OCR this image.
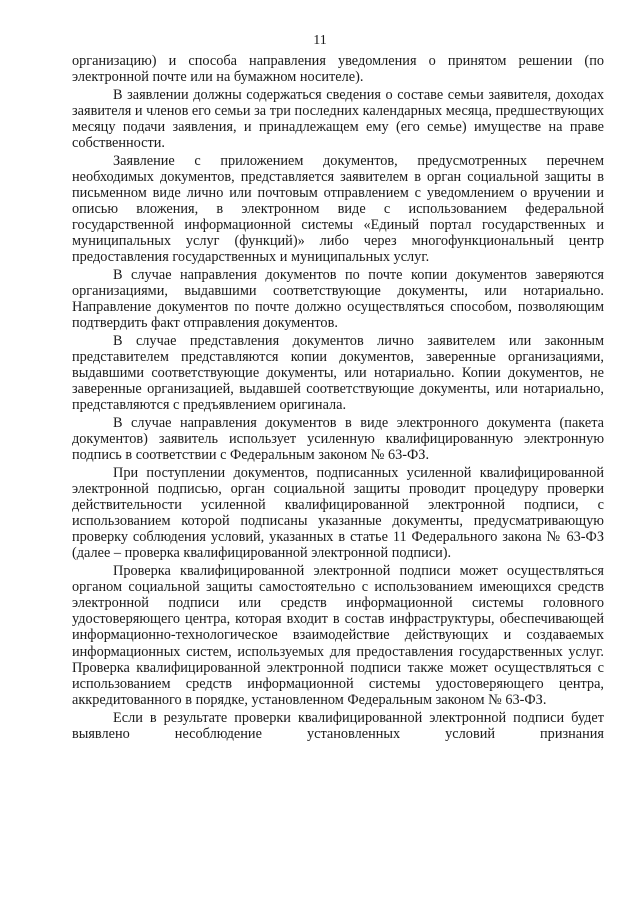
11

организацию) и способа направления уведомления о принятом решении (по электронной почте или на бумажном носителе).

В заявлении должны содержаться сведения о составе семьи заявителя, доходах заявителя и членов его семьи за три последних календарных месяца, предшествующих месяцу подачи заявления, и принадлежащем ему (его семье) имуществе на праве собственности.

Заявление с приложением документов, предусмотренных перечнем необходимых документов, представляется заявителем в орган социальной защиты в письменном виде лично или почтовым отправлением с уведомлением о вручении и описью вложения, в электронном виде с использованием федеральной государственной информационной системы «Единый портал государственных и муниципальных услуг (функций)» либо через многофункциональный центр предоставления государственных и муниципальных услуг.

В случае направления документов по почте копии документов заверяются организациями, выдавшими соответствующие документы, или нотариально. Направление документов по почте должно осуществляться способом, позволяющим подтвердить факт отправления документов.

В случае представления документов лично заявителем или законным представителем представляются копии документов, заверенные организациями, выдавшими соответствующие документы, или нотариально. Копии документов, не заверенные организацией, выдавшей соответствующие документы, или нотариально, представляются с предъявлением оригинала.

В случае направления документов в виде электронного документа (пакета документов) заявитель использует усиленную квалифицированную электронную подпись в соответствии с Федеральным законом № 63-ФЗ.

При поступлении документов, подписанных усиленной квалифицированной электронной подписью, орган социальной защиты проводит процедуру проверки действительности усиленной квалифицированной электронной подписи, с использованием которой подписаны указанные документы, предусматривающую проверку соблюдения условий, указанных в статье 11 Федерального закона № 63-ФЗ (далее – проверка квалифицированной электронной подписи).

Проверка квалифицированной электронной подписи может осуществляться органом социальной защиты самостоятельно с использованием имеющихся средств электронной подписи или средств информационной системы головного удостоверяющего центра, которая входит в состав инфраструктуры, обеспечивающей информационно-технологическое взаимодействие действующих и создаваемых информационных систем, используемых для предоставления государственных услуг. Проверка квалифицированной электронной подписи также может осуществляться с использованием средств информационной системы удостоверяющего центра, аккредитованного в порядке, установленном Федеральным законом № 63-ФЗ.

Если в результате проверки квалифицированной электронной подписи будет выявлено несоблюдение установленных условий признания
